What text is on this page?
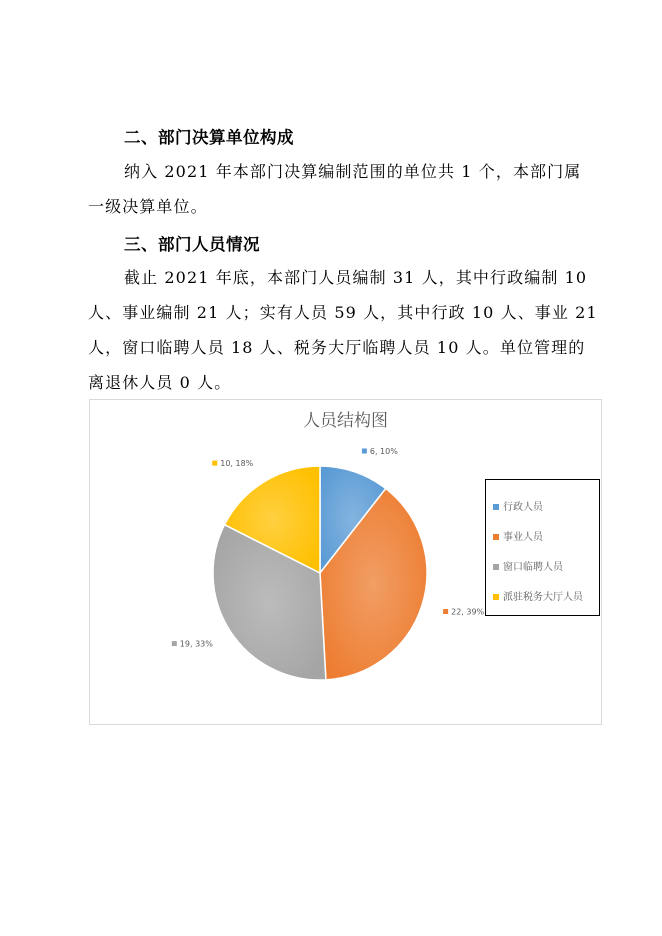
二、部门决算单位构成
纳入 2021 年本部门决算编制范围的单位共 1 个，本部门属
一级决算单位。
三、部门人员情况
截止 2021 年底，本部门人员编制 31 人，其中行政编制 10
人、事业编制 21 人；实有人员 59 人，其中行政 10 人、事业 21
人，窗口临聘人员 18 人、税务大厅临聘人员 10 人。单位管理的
离退休人员 0 人。
人员结构图
6, 10%
22, 39%
19, 33%
10, 18%
行政人员
事业人员
窗口临聘人员
派驻税务大厅人员
